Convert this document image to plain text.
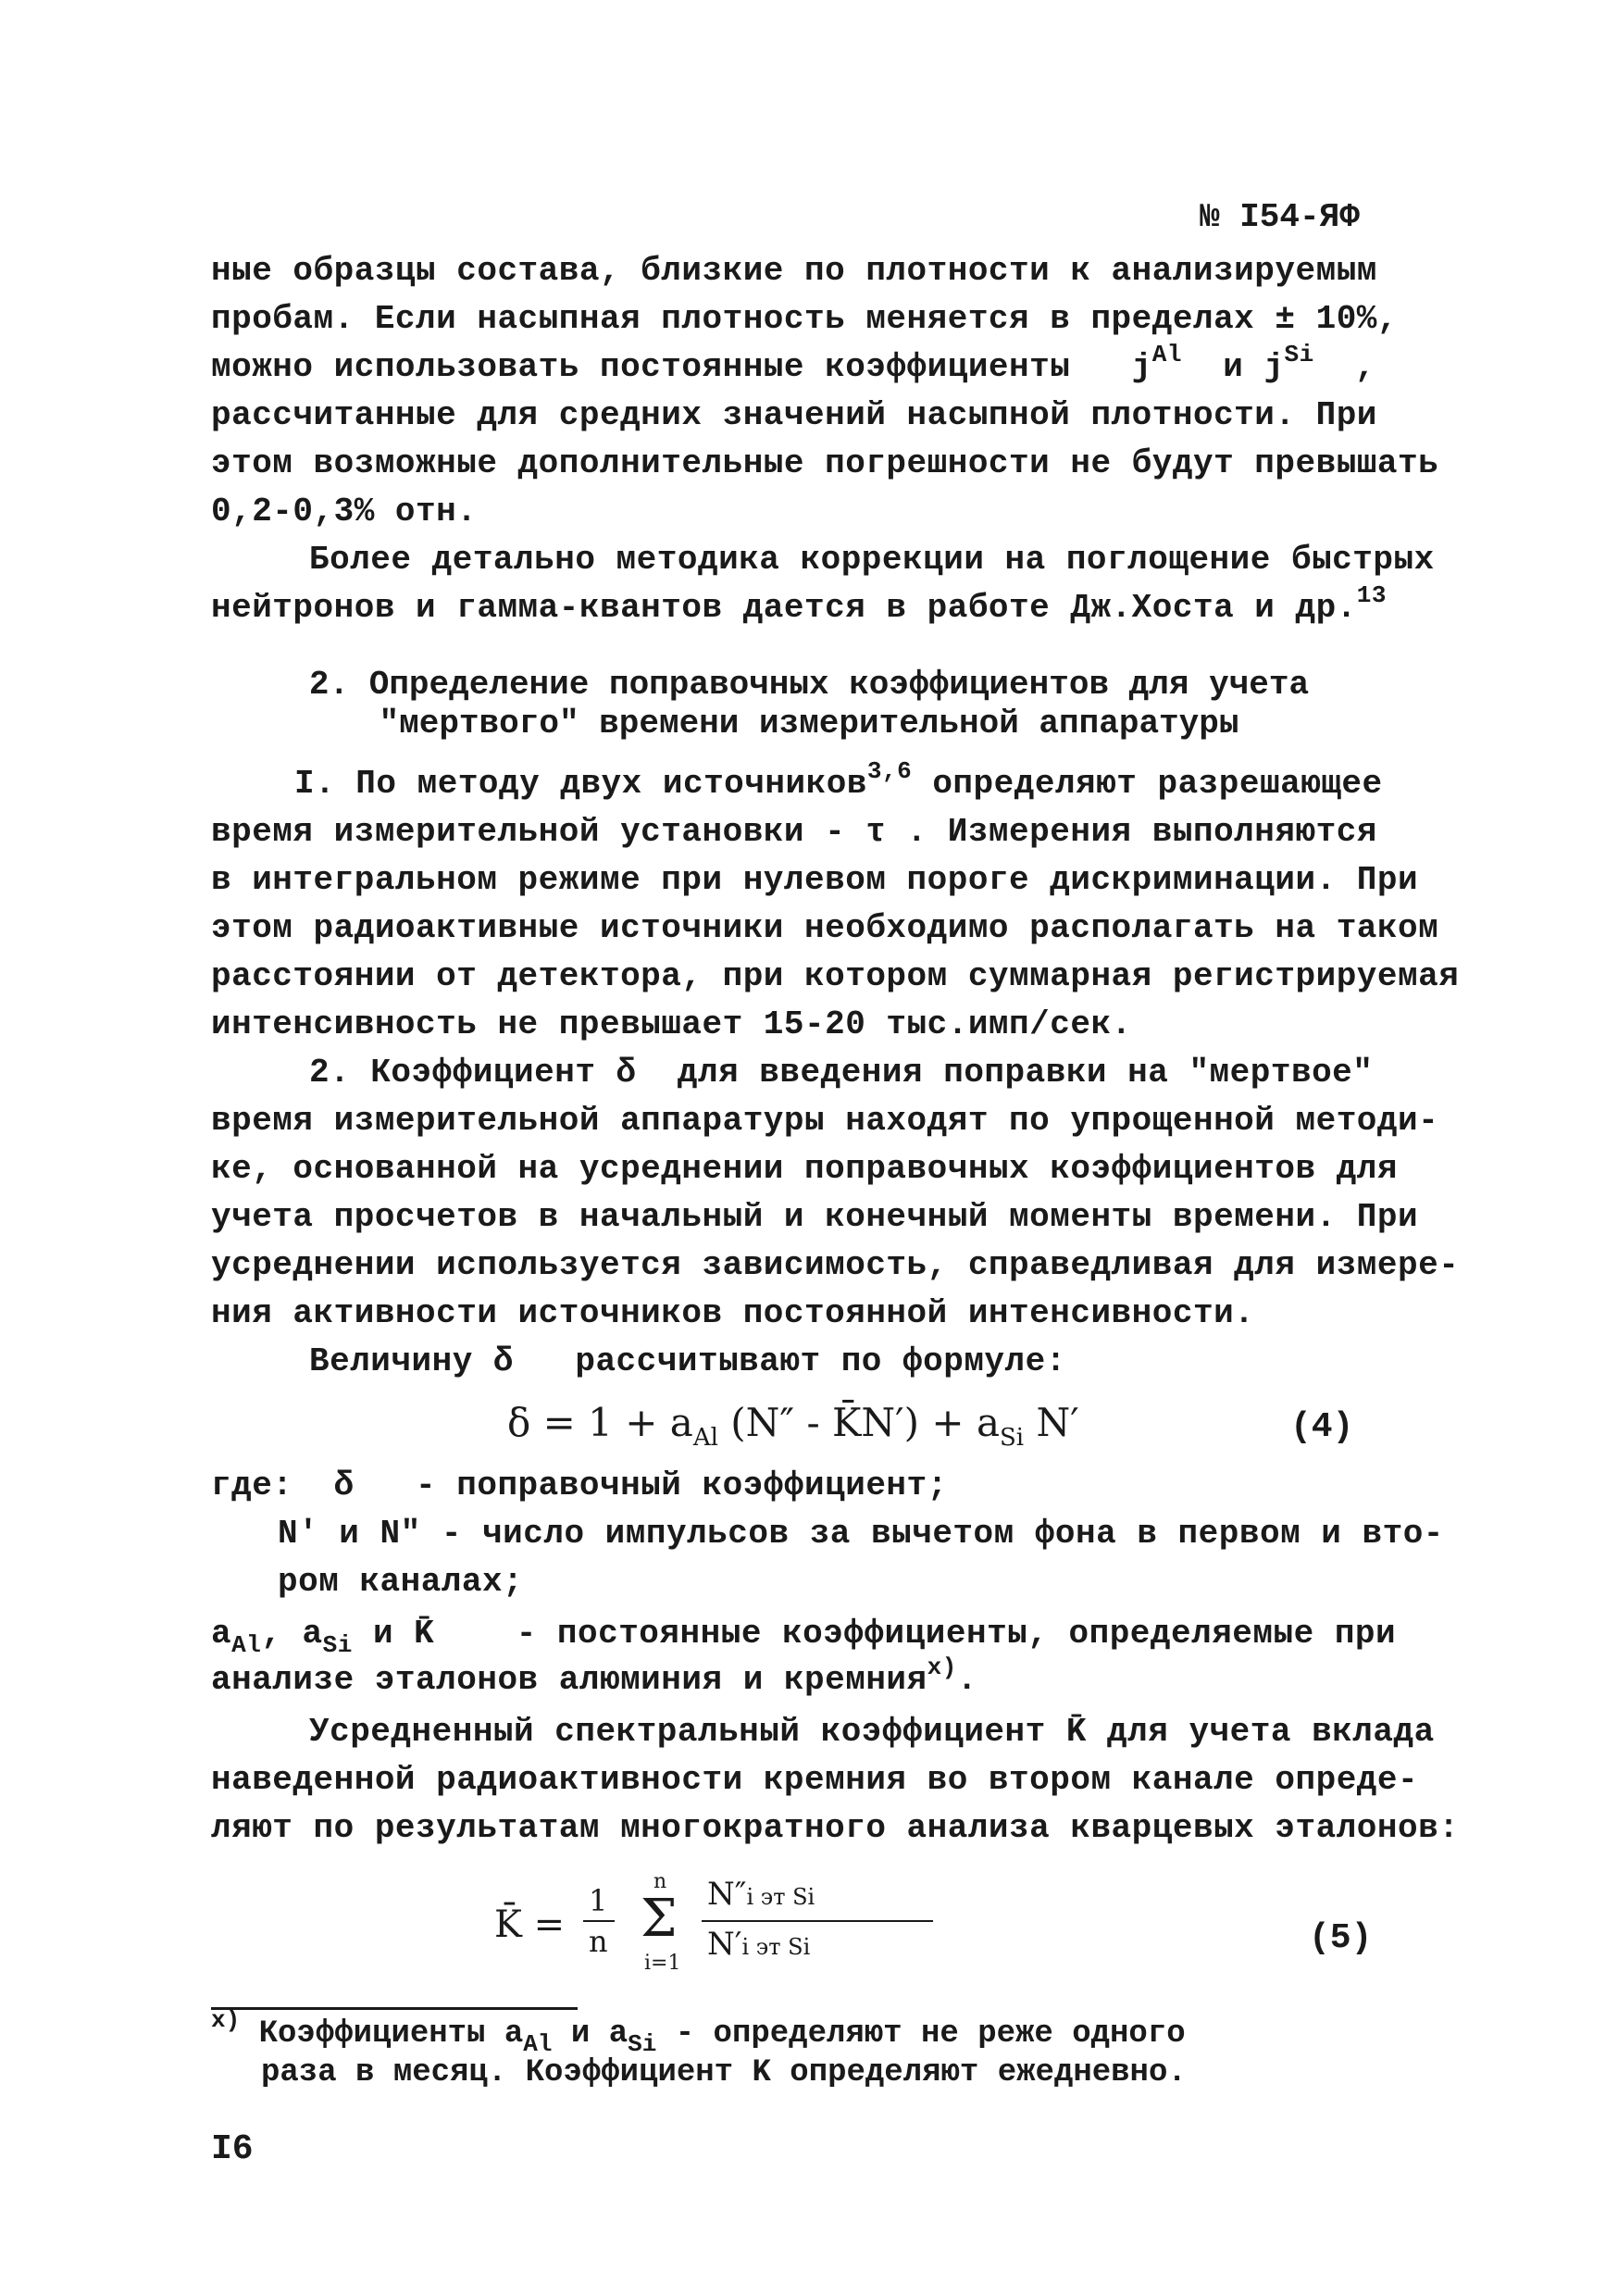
№ I54-ЯФ
ные образцы состава, близкие по плотности к анализируемым
пробам. Если насыпная плотность меняется в пределах ± 10%,
можно использовать постоянные коэффициенты $j^{Al}$ и $j^{Si}$ ,
рассчитанные для средних значений насыпной плотности. При
этом возможные дополнительные погрешности не будут превышать
0,2-0,3% отн.
Более детально методика коррекции на поглощение быстрых
нейтронов и гамма-квантов дается в работе Дж.Хоста и др.$^{13}$
2. Определение поправочных коэффициентов для учета
"мертвого" времени измерительной аппаратуры
I. По методу двух источников$^{3,6}$ определяют разрешающее
время измерительной установки - τ . Измерения выполняются
в интегральном режиме при нулевом пороге дискриминации. При
этом радиоактивные источники необходимо располагать на таком
расстоянии от детектора, при котором суммарная регистрируемая
интенсивность не превышает 15-20 тыс.имп/сек.
2. Коэффициент δ  для введения поправки на "мертвое"
время измерительной аппаратуры находят по упрощенной методи-
ке, основанной на усреднении поправочных коэффициентов для
учета просчетов в начальный и конечный моменты времени. При
усреднении используется зависимость, справедливая для измере-
ния активности источников постоянной интенсивности.
Величину δ   рассчитывают по формуле:
$\delta = 1 + a_{Al}$ (N″ - K̄N′) + $a_{Si}$ N′	(4)
где:  δ   - поправочный коэффициент;
N′ и N″ - число импульсов за вычетом фона в первом и вто-
ром каналах;
$a_{Al}$, $a_{Si}$ и K̄    - постоянные коэффициенты, определяемые при
анализе эталонов алюминия и кремния$^{x)}$.
Усредненный спектральный коэффициент K̄ для учета вклада
наведенной радиоактивности кремния во втором канале опреде-
ляют по результатам многократного анализа кварцевых эталонов:
K̄ =
1
n
n
Σ
i=1
N″i эт Si
N′i эт Si	(5)
$^{x)}$ Коэффициенты $a_{Al}$ и $a_{Si}$ - определяют не реже одного
раза в месяц. Коэффициент K определяют ежедневно.
I6
